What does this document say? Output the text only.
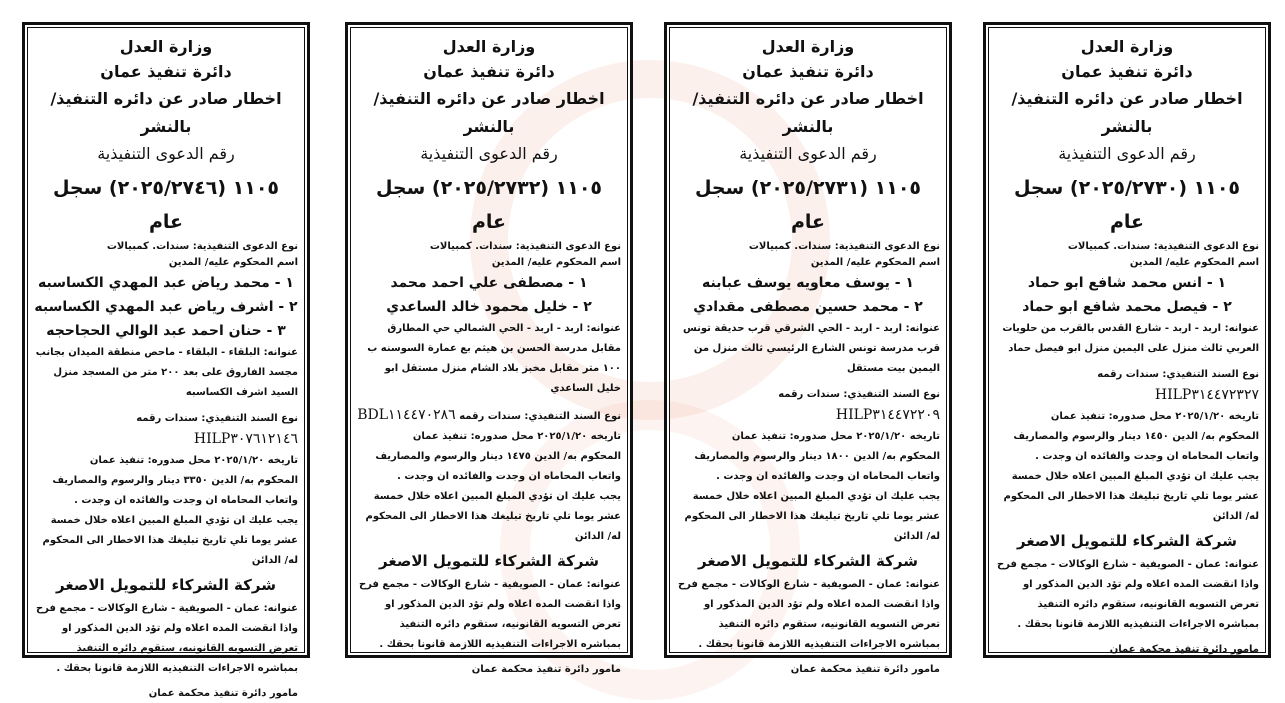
وزارة العدل
دائرة تنفيذ عمان
اخطار صادر عن دائره التنفيذ/ بالنشر
رقم الدعوى التنفيذية
١١٠٥ (٢٠٢٥/٢٧٤٦) سجل عام
نوع الدعوى التنفيذية: سندات. كمبيالات
اسم المحكوم عليه/ المدين
١ - محمد رياض عبد المهدي الكساسبه
٢ - اشرف رياض عبد المهدي الكساسبه
٣ - حنان احمد عبد الوالي الحجاحجه
عنوانه: البلقاء - البلقاء - ماحص منطقة الميدان بجانب مجسد الفاروق على بعد ٢٠٠ متر من المسجد منزل السيد اشرف الكساسبه
نوع السند التنفيذي: سندات رقمه HILP٣٠٧٦١٢١٤٦
تاريخه ٢٠٢٥/١/٢٠ محل صدوره: تنفيذ عمان
المحكوم به/ الدين ٣٣٥٠ دينار والرسوم والمصاريف واتعاب المحاماه ان وجدت والفائده ان وجدت .
يجب عليك ان تؤدي المبلغ المبين اعلاه خلال خمسة عشر يوما تلي تاريخ تبليغك هذا الاخطار الى المحكوم له/ الدائن
شركة الشركاء للتمويل الاصغر
عنوانه: عمان - الصويفية - شارع الوكالات - مجمع فرح
واذا انقضت المده اعلاه ولم تؤد الدين المذكور او تعرض التسويه القانونيه، ستقوم دائره التنفيذ بمباشره الاجراءات التنفيذيه اللازمة قانونا بحقك .
مامور دائرة تنفيذ محكمة عمان
وزارة العدل
دائرة تنفيذ عمان
اخطار صادر عن دائره التنفيذ/ بالنشر
رقم الدعوى التنفيذية
١١٠٥ (٢٠٢٥/٢٧٣٢) سجل عام
نوع الدعوى التنفيذية: سندات. كمبيالات
اسم المحكوم عليه/ المدين
١ - مصطفى علي احمد محمد
٢ - خليل محمود خالد الساعدي
عنوانه: اربد - اربد - الحي الشمالي حي المطارق مقابل مدرسة الحسن بن هيثم بع عمارة السوسنه ب ١٠٠ متر مقابل مخبز بلاد الشام منزل مستقل ابو خليل الساعدي
نوع السند التنفيذي: سندات رقمه BDL١١٤٤٧٠٢٨٦
تاريخه ٢٠٢٥/١/٢٠ محل صدوره: تنفيذ عمان
المحكوم به/ الدين ١٤٧٥ دينار والرسوم والمصاريف واتعاب المحاماه ان وجدت والفائده ان وجدت .
يجب عليك ان تؤدي المبلغ المبين اعلاه خلال خمسة عشر يوما تلي تاريخ تبليغك هذا الاخطار الى المحكوم له/ الدائن
شركة الشركاء للتمويل الاصغر
عنوانه: عمان - الصويفية - شارع الوكالات - مجمع فرح
واذا انقضت المده اعلاه ولم تؤد الدين المذكور او تعرض التسويه القانونيه، ستقوم دائره التنفيذ بمباشره الاجراءات التنفيذيه اللازمة قانونا بحقك .
مامور دائرة تنفيذ محكمة عمان
وزارة العدل
دائرة تنفيذ عمان
اخطار صادر عن دائره التنفيذ/ بالنشر
رقم الدعوى التنفيذية
١١٠٥ (٢٠٢٥/٢٧٣١) سجل عام
نوع الدعوى التنفيذية: سندات. كمبيالات
اسم المحكوم عليه/ المدين
١ - يوسف معاويه يوسف عبابنه
٢ - محمد حسين مصطفى مقدادي
عنوانه: اربد - اربد - الحي الشرقي قرب حديقة تونس قرب مدرسة تونس الشارع الرئيسي ثالث منزل من اليمين بيت مستقل
نوع السند التنفيذي: سندات رقمه HILP٣١٤٤٧٢٢٠٩
تاريخه ٢٠٢٥/١/٢٠ محل صدوره: تنفيذ عمان
المحكوم به/ الدين ١٨٠٠ دينار والرسوم والمصاريف واتعاب المحاماه ان وجدت والفائده ان وجدت .
يجب عليك ان تؤدي المبلغ المبين اعلاه خلال خمسة عشر يوما تلي تاريخ تبليغك هذا الاخطار الى المحكوم له/ الدائن
شركة الشركاء للتمويل الاصغر
عنوانه: عمان - الصويفية - شارع الوكالات - مجمع فرح
واذا انقضت المده اعلاه ولم تؤد الدين المذكور او تعرض التسويه القانونيه، ستقوم دائره التنفيذ بمباشره الاجراءات التنفيذيه اللازمة قانونا بحقك .
مامور دائرة تنفيذ محكمة عمان
وزارة العدل
دائرة تنفيذ عمان
اخطار صادر عن دائره التنفيذ/ بالنشر
رقم الدعوى التنفيذية
١١٠٥ (٢٠٢٥/٢٧٣٠) سجل عام
نوع الدعوى التنفيذية: سندات. كمبيالات
اسم المحكوم عليه/ المدين
١ - انس محمد شافع ابو حماد
٢ - فيصل محمد شافع ابو حماد
عنوانه: اربد - اربد - شارع القدس بالقرب من حلويات العربي ثالث منزل على اليمين منزل ابو فيصل حماد
نوع السند التنفيذي: سندات رقمه HILP٣١٤٤٧٢٣٢٧
تاريخه ٢٠٢٥/١/٢٠ محل صدوره: تنفيذ عمان
المحكوم به/ الدين ١٤٥٠ دينار والرسوم والمصاريف واتعاب المحاماه ان وجدت والفائده ان وجدت .
يجب عليك ان تؤدي المبلغ المبين اعلاه خلال خمسة عشر يوما تلي تاريخ تبليغك هذا الاخطار الى المحكوم له/ الدائن
شركة الشركاء للتمويل الاصغر
عنوانه: عمان - الصويفية - شارع الوكالات - مجمع فرح
واذا انقضت المده اعلاه ولم تؤد الدين المذكور او تعرض التسويه القانونيه، ستقوم دائره التنفيذ بمباشره الاجراءات التنفيذيه اللازمة قانونا بحقك .
مامور دائرة تنفيذ محكمة عمان
